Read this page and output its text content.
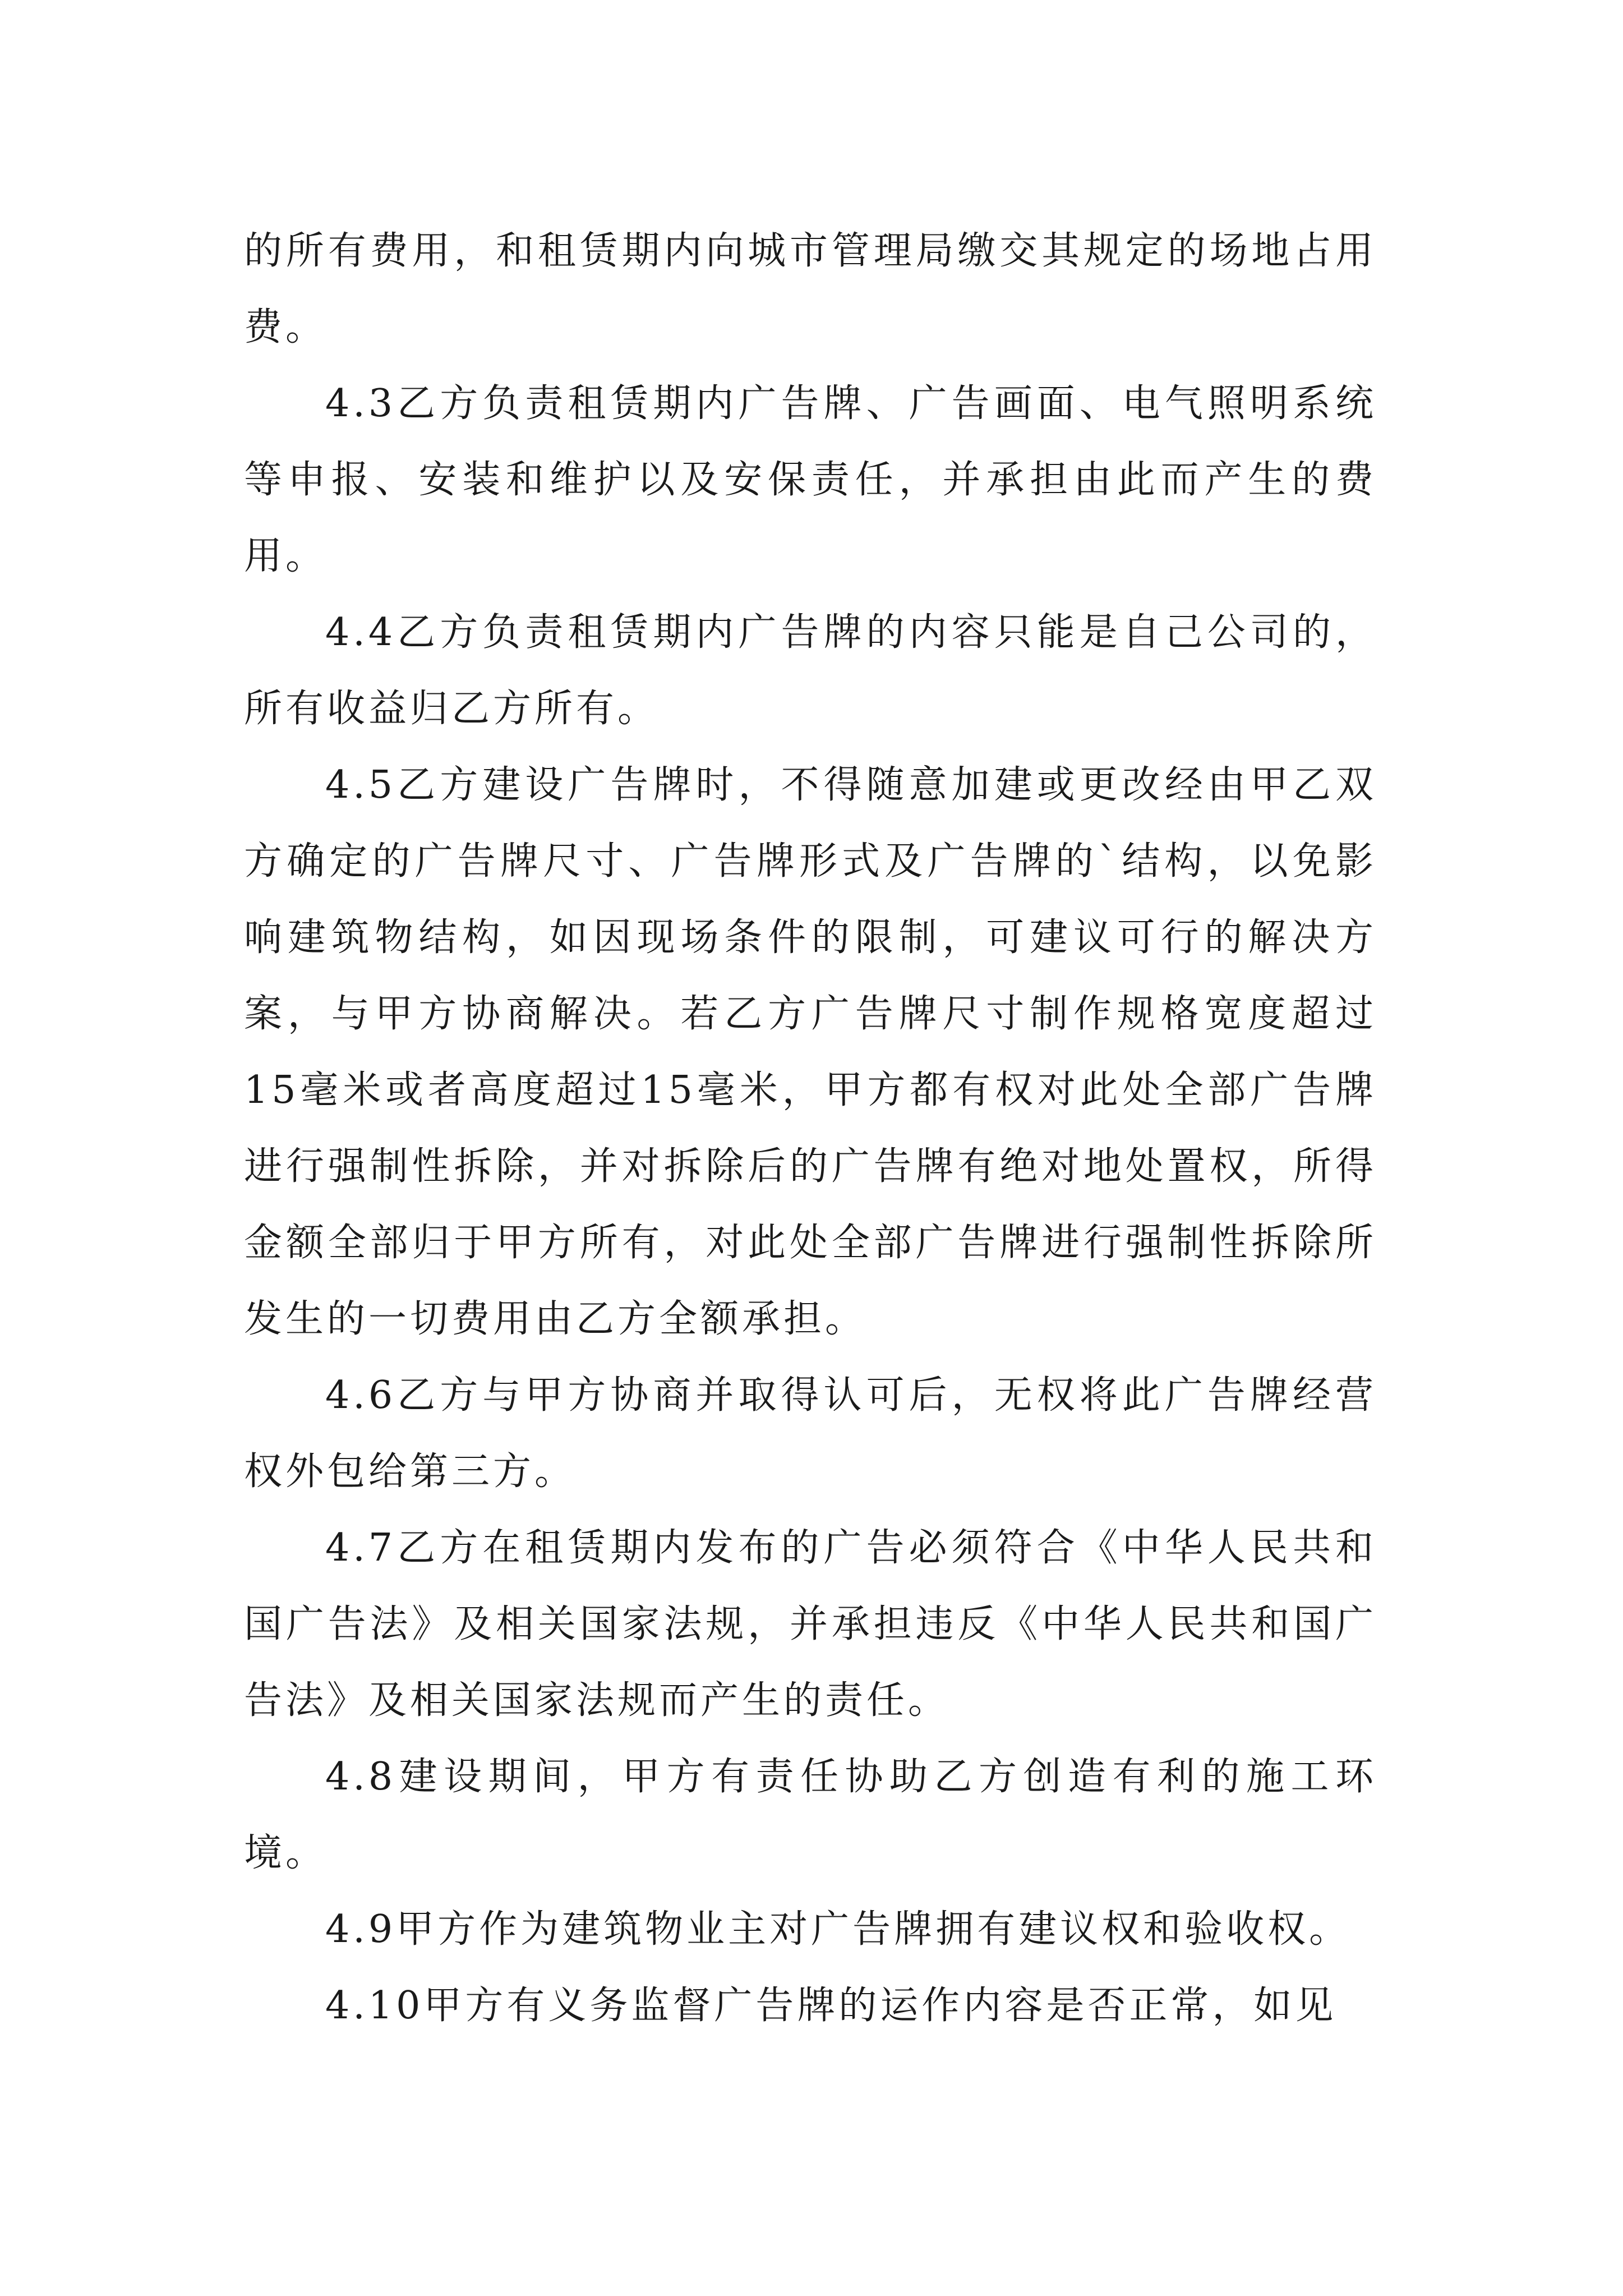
的所有费用，和租赁期内向城市管理局缴交其规定的场地占用费。

4.3乙方负责租赁期内广告牌、广告画面、电气照明系统等申报、安装和维护以及安保责任，并承担由此而产生的费用。

4.4乙方负责租赁期内广告牌的内容只能是自己公司的，所有收益归乙方所有。

4.5乙方建设广告牌时，不得随意加建或更改经由甲乙双方确定的广告牌尺寸、广告牌形式及广告牌的`结构，以免影响建筑物结构，如因现场条件的限制，可建议可行的解决方案，与甲方协商解决。若乙方广告牌尺寸制作规格宽度超过15毫米或者高度超过15毫米，甲方都有权对此处全部广告牌进行强制性拆除，并对拆除后的广告牌有绝对地处置权，所得金额全部归于甲方所有，对此处全部广告牌进行强制性拆除所发生的一切费用由乙方全额承担。

4.6乙方与甲方协商并取得认可后，无权将此广告牌经营权外包给第三方。

4.7乙方在租赁期内发布的广告必须符合《中华人民共和国广告法》及相关国家法规，并承担违反《中华人民共和国广告法》及相关国家法规而产生的责任。

4.8建设期间，甲方有责任协助乙方创造有利的施工环境。

4.9甲方作为建筑物业主对广告牌拥有建议权和验收权。

4.10甲方有义务监督广告牌的运作内容是否正常，如见
